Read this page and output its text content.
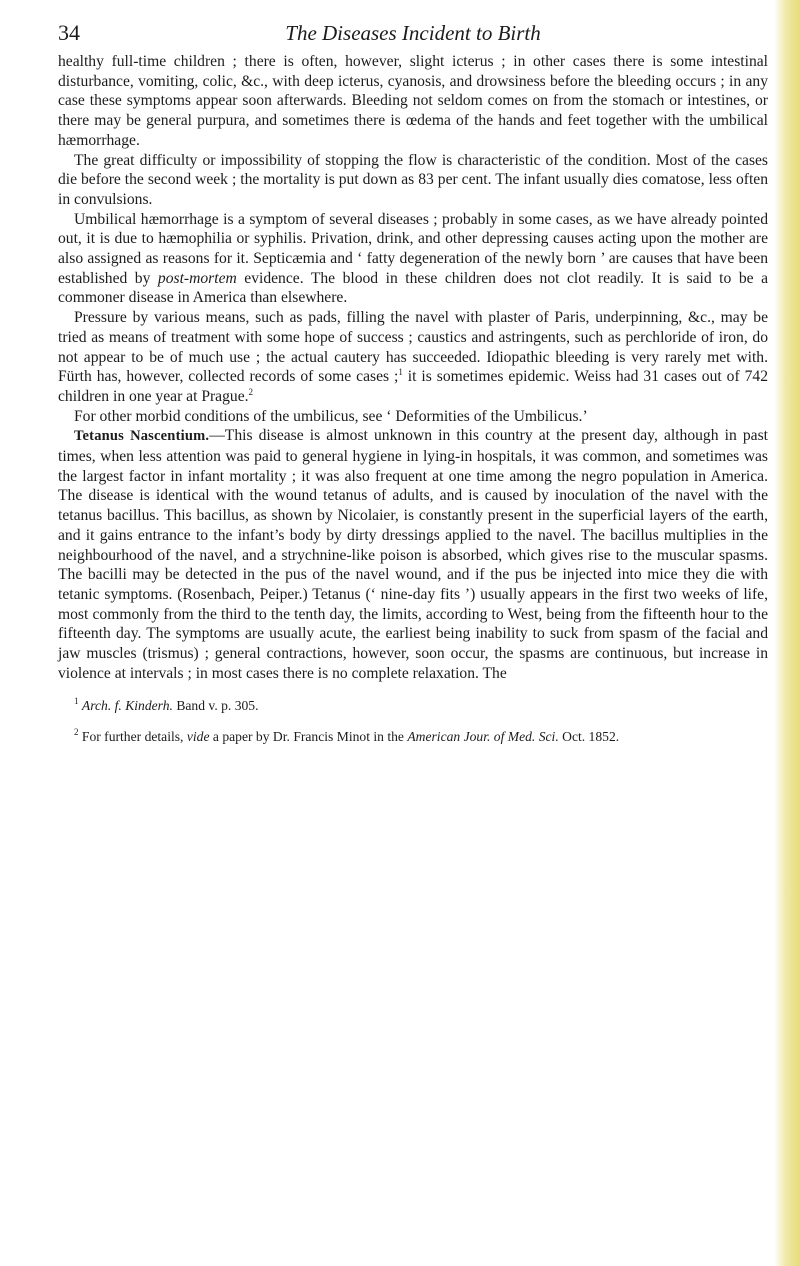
34	The Diseases Incident to Birth

healthy full-time children ; there is often, however, slight icterus ; in other cases there is some intestinal disturbance, vomiting, colic, &c., with deep icterus, cyanosis, and drowsiness before the bleeding occurs ; in any case these symptoms appear soon afterwards. Bleeding not seldom comes on from the stomach or intestines, or there may be general purpura, and sometimes there is œdema of the hands and feet together with the umbilical hæmorrhage.

The great difficulty or impossibility of stopping the flow is characteristic of the condition. Most of the cases die before the second week ; the mortality is put down as 83 per cent. The infant usually dies comatose, less often in convulsions.

Umbilical hæmorrhage is a symptom of several diseases ; probably in some cases, as we have already pointed out, it is due to hæmophilia or syphilis. Privation, drink, and other depressing causes acting upon the mother are also assigned as reasons for it. Septicæmia and ‘ fatty degeneration of the newly born ’ are causes that have been established by post-mortem evidence. The blood in these children does not clot readily. It is said to be a commoner disease in America than elsewhere.

Pressure by various means, such as pads, filling the navel with plaster of Paris, underpinning, &c., may be tried as means of treatment with some hope of success ; caustics and astringents, such as perchloride of iron, do not appear to be of much use ; the actual cautery has succeeded. Idiopathic bleeding is very rarely met with. Fürth has, however, collected records of some cases ;$^1$ it is sometimes epidemic. Weiss had 31 cases out of 742 children in one year at Prague.$^2$

For other morbid conditions of the umbilicus, see ‘ Deformities of the Umbilicus.’

Tetanus Nascentium.—This disease is almost unknown in this country at the present day, although in past times, when less attention was paid to general hygiene in lying-in hospitals, it was common, and sometimes was the largest factor in infant mortality ; it was also frequent at one time among the negro population in America. The disease is identical with the wound tetanus of adults, and is caused by inoculation of the navel with the tetanus bacillus. This bacillus, as shown by Nicolaier, is constantly present in the superficial layers of the earth, and it gains entrance to the infant’s body by dirty dressings applied to the navel. The bacillus multiplies in the neighbourhood of the navel, and a strychnine-like poison is absorbed, which gives rise to the muscular spasms. The bacilli may be detected in the pus of the navel wound, and if the pus be injected into mice they die with tetanic symptoms. (Rosenbach, Peiper.) Tetanus (‘ nine-day fits ’) usually appears in the first two weeks of life, most commonly from the third to the tenth day, the limits, according to West, being from the fifteenth hour to the fifteenth day. The symptoms are usually acute, the earliest being inability to suck from spasm of the facial and jaw muscles (trismus) ; general contractions, however, soon occur, the spasms are continuous, but increase in violence at intervals ; in most cases there is no complete relaxation. The

$^1$ Arch. f. Kinderh. Band v. p. 305.

$^2$ For further details, vide a paper by Dr. Francis Minot in the American Jour. of Med. Sci. Oct. 1852.
